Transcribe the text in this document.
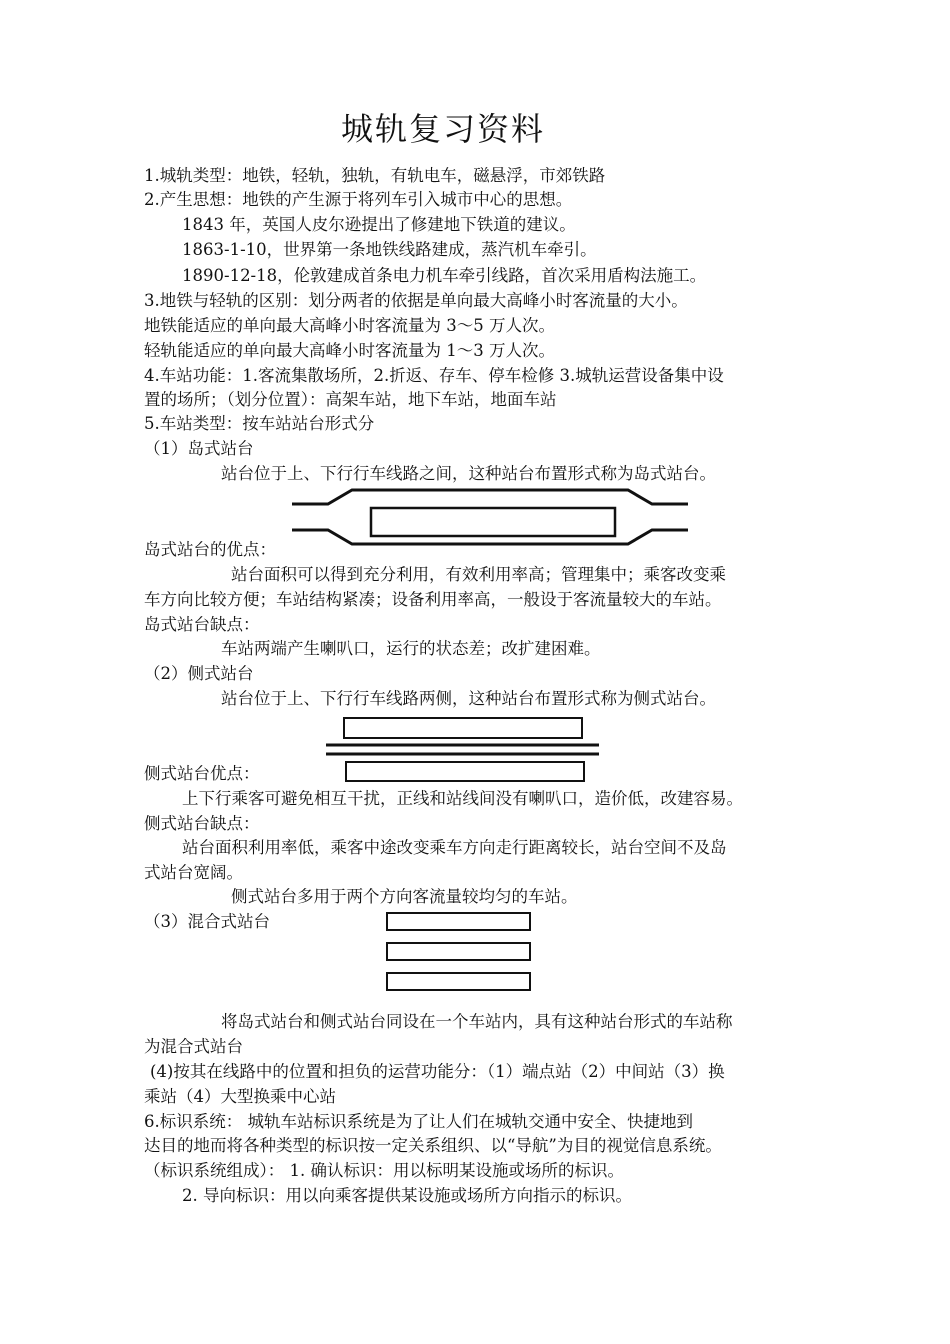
城轨复习资料
1.城轨类型：地铁，轻轨，独轨，有轨电车，磁悬浮，市郊铁路
2.产生思想：地铁的产生源于将列车引入城市中心的思想。
1843 年，英国人皮尔逊提出了修建地下铁道的建议。
1863-1-10，世界第一条地铁线路建成，蒸汽机车牵引。
1890-12-18，伦敦建成首条电力机车牵引线路，首次采用盾构法施工。
3.地铁与轻轨的区别：划分两者的依据是单向最大高峰小时客流量的大小。
地铁能适应的单向最大高峰小时客流量为 3～5 万人次。
轻轨能适应的单向最大高峰小时客流量为 1～3 万人次。
4.车站功能：1.客流集散场所，2.折返、存车、停车检修 3.城轨运营设备集中设
置的场所；（划分位置）：高架车站，地下车站，地面车站
5.车站类型：按车站站台形式分
（1）岛式站台
站台位于上、下行行车线路之间，这种站台布置形式称为岛式站台。
岛式站台的优点：
站台面积可以得到充分利用，有效利用率高；管理集中；乘客改变乘
车方向比较方便；车站结构紧凑；设备利用率高，一般设于客流量较大的车站。
岛式站台缺点：
车站两端产生喇叭口，运行的状态差；改扩建困难。
（2）侧式站台
站台位于上、下行行车线路两侧，这种站台布置形式称为侧式站台。
侧式站台优点：
上下行乘客可避免相互干扰，正线和站线间没有喇叭口，造价低，改建容易。
侧式站台缺点：
站台面积利用率低，乘客中途改变乘车方向走行距离较长，站台空间不及岛
式站台宽阔。
侧式站台多用于两个方向客流量较均匀的车站。
（3）混合式站台
将岛式站台和侧式站台同设在一个车站内，具有这种站台形式的车站称
为混合式站台
(4)按其在线路中的位置和担负的运营功能分：（1）端点站（2）中间站（3）换
乘站（4）大型换乘中心站
6.标识系统： 城轨车站标识系统是为了让人们在城轨交通中安全、快捷地到
达目的地而将各种类型的标识按一定关系组织、以“导航”为目的视觉信息系统。
（标识系统组成）： 1. 确认标识：用以标明某设施或场所的标识。
2. 导向标识：用以向乘客提供某设施或场所方向指示的标识。
